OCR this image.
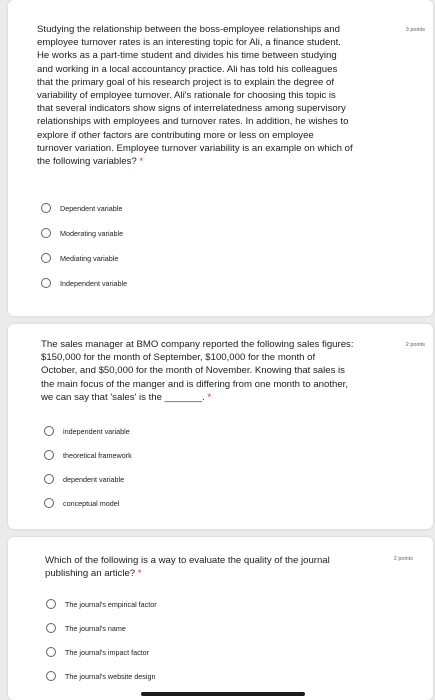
Studying the relationship between the boss-employee relationships and
employee turnover rates is an interesting topic for Ali, a finance student.
He works as a part-time student and divides his time between studying
and working in a local accountancy practice. Ali has told his colleagues
that the primary goal of his research project is to explain the degree of
variability of employee turnover. Ali's rationale for choosing this topic is
that several indicators show signs of interrelatedness among supervisory
relationships with employees and turnover rates. In addition, he wishes to
explore if other factors are contributing more or less on employee
turnover variation. Employee turnover variability is an example on which of
the following variables? *
3 points
The sales manager at BMO company reported the following sales figures:
$150,000 for the month of September, $100,000 for the month of
October, and $50,000 for the month of November. Knowing that sales is
the main focus of the manger and is differing from one month to another,
we can say that 'sales' is the _______. *
2 points
Which of the following is a way to evaluate the quality of the journal
publishing an article? *
2 points
Dependent variable
Moderating variable
Mediating variable
Independent variable
independent variable
theoretical framework
dependent variable
conceptual model
The journal's empirical factor
The journal's name
The journal's impact factor
The journal's website design
